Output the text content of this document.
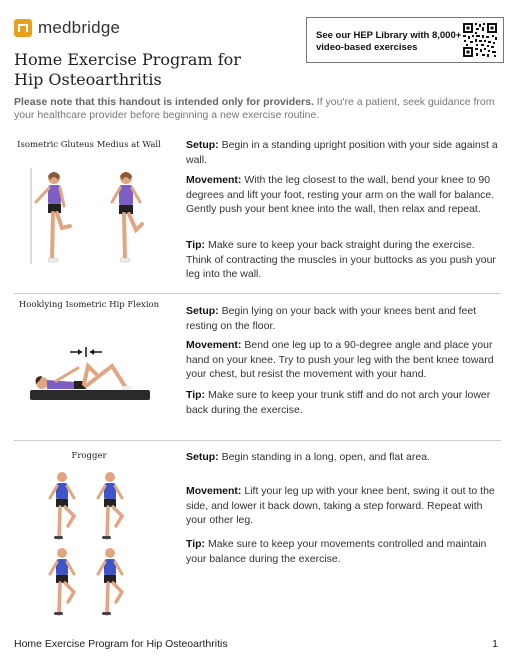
medbridge
Home Exercise Program for Hip Osteoarthritis
See our HEP Library with 8,000+ video-based exercises

Please note that this handout is intended only for providers. If you're a patient, seek guidance from your healthcare provider before beginning a new exercise routine.

Isometric Gluteus Medius at Wall	Setup: Begin in a standing upright position with your side against a wall.

Movement: With the leg closest to the wall, bend your knee to 90 degrees and lift your foot, resting your arm on the wall for balance. Gently push your bent knee into the wall, then relax and repeat.

Tip: Make sure to keep your back straight during the exercise. Think of contracting the muscles in your buttocks as you push your leg into the wall.

Hooklying Isometric Hip Flexion	Setup: Begin lying on your back with your knees bent and feet resting on the floor.

Movement: Bend one leg up to a 90-degree angle and place your hand on your knee. Try to push your leg with the bent knee toward your chest, but resist the movement with your hand.

Tip: Make sure to keep your trunk stiff and do not arch your lower back during the exercise.

Frogger	Setup: Begin standing in a long, open, and flat area.

Movement: Lift your leg up with your knee bent, swing it out to the side, and lower it back down, taking a step forward. Repeat with your other leg.

Tip: Make sure to keep your movements controlled and maintain your balance during the exercise.

Home Exercise Program for Hip Osteoarthritis	1
